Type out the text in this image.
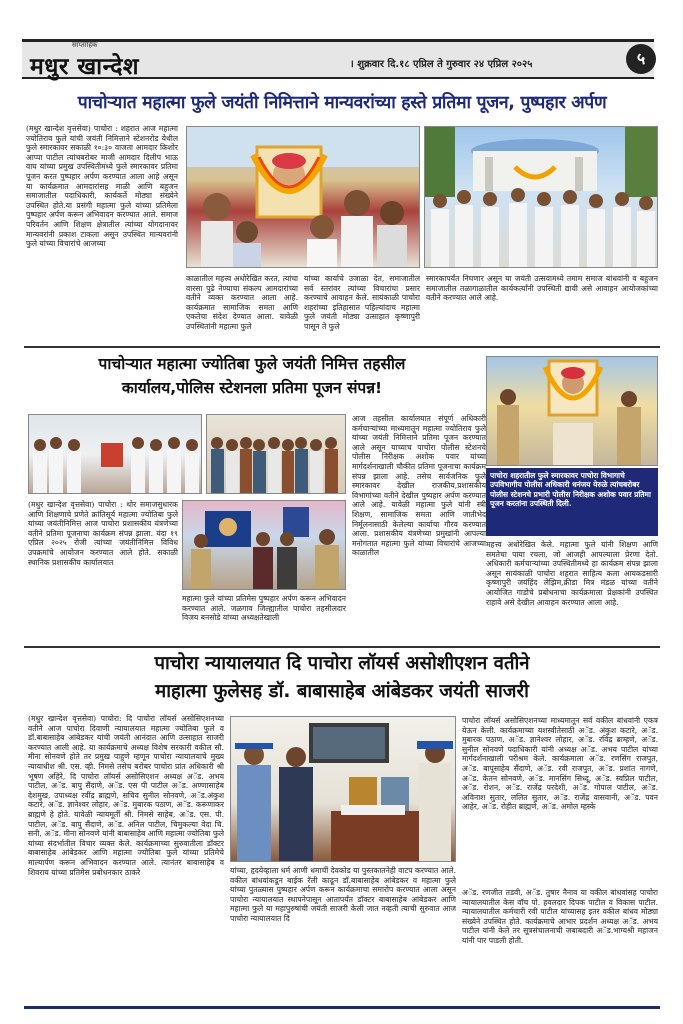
साप्ताहिक
मधुर खान्देश	। शुक्रवार दि.१८ एप्रिल ते गुरुवार २४ एप्रिल २०२५	५
पाचोऱ्यात महात्मा फुले जयंती निमित्ताने मान्यवरांच्या हस्ते प्रतिमा पूजन, पुष्पहार अर्पण
(मधुर खान्देश वृत्तसेवा) पाचोरा : शहरात आज महात्मा ज्योतिराव फुले यांची जयंती निमित्ताने स्टेशनरोड येथील फुले स्मारकावर सकाळी १०:३० वाजता आमदार किशोर आप्पा पाटील त्यांचबरोबर माजी आमदार दिलीप भाऊ वाघ यांच्या प्रमुख उपस्थितीमध्ये फुले स्मारकावर प्रतिमा पूजन करत पुष्पहार अर्पण करण्यात आला आहे असून या कार्यक्रमात आमदारांसह माळी आणि बहुजन समाजातील पदाधिकारी, कार्यकर्ते मोठ्या संख्येने उपस्थित होते.या प्रसंगी महात्मा फुले यांच्या प्रतिमेला पुष्पहार अर्पण करून अभिवादन करण्यात आले. समाज परिवर्तन आणि शिक्षण क्षेत्रातील त्यांच्या योगदानावर मान्यवरांनी प्रकाश टाकला असून उपस्थित मान्यवरांनी फुले यांच्या विचारांचे आजच्या
काळातील महत्त्व अधोरेखित करत, त्यांचा वारसा पुढे नेण्याचा संकल्प आमदारांच्या वतीने व्यक्त करण्यात आला आहे. कार्यक्रमात सामाजिक समता आणि एकतेचा संदेश देण्यात आला. यावेळी उपस्थितांनी महात्मा फुले
यांच्या कार्याचे उजाळा देत, समाजातील सर्व स्तरांवर त्यांच्या विचारांचा प्रसार करण्याचे आवाहन केले. सायंकाळी पाचोरा शहरांच्या इतिहासात पहिल्यांदाच महात्मा फुले जयंती मोठ्या उत्साहात कृष्णापुरी पासून ते फुले
स्मारकापर्यंत निघणार असून या जयंती उत्सवामध्ये तमाम समाज बांधवांनी व बहुजन समाजातील तळागाळातील कार्यकर्त्यांनी उपस्थिती द्यावी असे आवाहन आयोजकांच्या वतीने करण्यात आले आहे.
पाचोऱ्यात महात्मा ज्योतिबा फुले जयंती निमित्त तहसील
कार्यालय,पोलिस स्टेशनला प्रतिमा पूजन संपन्न!
(मधुर खान्देश वृत्तसेवा) पाचोरा : थोर समाजसुधारक आणि शिक्षणाचे प्रणेते क्रांतिसूर्य महात्मा ज्योतिबा फुले यांच्या जयंतीनिमित्त आज पाचोरा प्रशासकीय यंत्रणेच्या वतीने प्रतिमा पूजनाचा कार्यक्रम संपन्न झाला. यंदा १९ एप्रिल २०२५ रोजी त्यांच्या जयंतीनिमित्त विविध उपक्रमांचे आयोजन करण्यात आले होते. सकाळी स्थानिक प्रशासकीय कार्यालयात
महात्मा फुले यांच्या प्रतिमेस पुष्पहार अर्पण करून अभिवादन करण्यात आले. जळगाव जिल्ह्यातील पाचोरा तहसीलदार विजय बनसोडे यांच्या अध्यक्षतेखाली
आज तहसील कार्यालयात संपूर्ण अधिकारी कर्मचाऱ्यांच्या माध्यमातून महात्मा ज्योतिराव फुले यांच्या जयंती निमित्ताने प्रतिमा पूजन करण्यात आले असून याच्याच पाचोरा पोलीस स्टेशनचे पोलीस निरीक्षक अशोक पवार यांच्या मार्गदर्शनाखाली चौकीत प्रतिमा पूजनाचा कार्यक्रम संपन्न झाला आहे. तसेच सार्वजनिक फुले स्मारकावर देखील राजकीय,प्रशासकीय विभागांच्या वतीने देखील पुष्पहार अर्पण करण्यात आले आहे. यावेळी महात्मा फुले यांनी स्त्री शिक्षण, सामाजिक समता आणि जातीभेद निर्मूलनासाठी केलेल्या कार्याचा गौरव करण्यात आला. प्रशासकीय यंत्रणेच्या प्रमुखांनी आपल्या मनोगतात महात्मा फुले यांच्या विचारांचे आजच्या काळातील
पाचोरा शहरातील फुले स्मारकावर पाचोरा विभागाचे उपविभागीय पोलीस अधिकारी धनंजय येरुळे त्यांचबरोबर पोलीस स्टेशनचे प्रभारी पोलीस निरीक्षक अशोक पवार प्रतिमा पूजन करतांना उपस्थिती दिली.
महत्त्व अधोरेखित केले. महात्मा फुले यांनी शिक्षण आणि समतेचा पाया रचला, जो आजही आपल्याला प्रेरणा देतो. अधिकारी कर्मचाऱ्यांच्या उपस्थितीमध्ये हा कार्यक्रम संपन्न झाला असून सायंकाळी पाचोरा शहरात साहित्य कला आयकडसारी कृष्णापुरी जयंहिंद लेझिम,क्रीडा मित्र मंडळ यांच्या वतीने आयोजित गाडोचे प्रबोधनाचा कार्यक्रमाला प्रेक्षकांनी उपस्थित राहावे असे देखील आवाहन करण्यात आला आहे.
पाचोरा न्यायालयात दि पाचोरा लॉयर्स असोशीएशन वतीने
माहात्मा फुलेसह डॉ. बाबासाहेब आंबेडकर जयंती साजरी
(मधुर खान्देश वृत्तसेवा) पाचोरा: दि पाचोरा लॉयर्स असोसिएशनच्या वतीने आज पाचोरा दिवाणी न्यायालयात महात्मा ज्योतिबा फुले व डॉ.बाबासाहेब आंबेडकर यांची जयंती आनंदात आणि उत्साहात साजरी करण्यात आली आहे. या कार्यक्रमाचे अध्यक्ष विशेष सरकारी वकील सौ. मीना सोनवणे होते तर प्रमुख पाहुणे म्हणून पाचोरा न्यायालयाचे मुख्य न्यायाधीश श्री. एस. व्ही. निमसे तसेच बरोबर पाचोरा प्रांत अधिकारी श्री भूषण अहिरे, दि पाचोरा लॉयर्स असोसिएशन अध्यक्ष अॅड. अभय पाटील, अॅड. बापु सैंदाणे, अॅड. एस पी पाटील अॅड. अण्णासाहेब देशमुख, उपाध्यक्ष रवींद्र ब्राह्मणे, सचिव सुनील सोनवणे, अॅड.अंकुश कटारे, अॅड. ज्ञानेश्वर लोहार, अॅड. मुबारक पठाण, अॅड. करूणाकर ब्राह्मणे हे होते. यावेळी न्यायमूर्ती श्री. निमसे साहेब, अॅड. एस. पी. पाटील, अॅड. बापु सैंदाणे, अॅड. अनिल पाटील, चिमुकल्या वेदा चि. सनी, अॅड. मीना सोनवणे यांनी बाबासाहेब आणि महात्मा ज्योतिबा फुले यांच्या संदर्भातील विचार व्यक्त केले. कार्यक्रमाच्या सुरुवातीला डॉक्टर बाबासाहेब आंबेडकर आणि महात्मा ज्योतिबा फुले यांच्या प्रतिमेचे माल्यार्पण करून अभिवादन करण्यात आले. त्यानंतर बाबासाहेब व शिवराय यांच्या प्रतिमेस प्रबोधनकार ठाकरे	यांच्या, हृदयेव्हाला धर्म आणी धमाचीं देवकोड या पुस्तकातनेही वाटप करण्यात आले. वकील बांधवांकडून बाईक रॅली काढून डॉ.बाबासाहेब आंबेडकर व महात्मा फुले यांच्या पुतळ्यास पुष्पहार अर्पण करून कार्यक्रमाचा समारोप करण्यात आला असून पाचोरा न्यायालयात स्थापनेपासून आतापर्यंत डॉक्टर बाबासाहेब आंबेडकर आणि महात्मा फुले या महापुरुषांची जयंती साजरी केली जात नव्हती त्याची सुरुवात आज पाचोरा न्यायालयात दि
पाचोरा लॉयर्स असोसिएशनच्या माध्यमातून सर्व वकील बांधवांनी एकत्र येऊन केली. कार्यक्रमाच्या यशस्वीतेसाठी अॅड. अंकुश कटारे, अॅड. मुबारक पठाण, अॅड. ज्ञानेश्वर लोहार, अॅड. रविंद्र ब्राम्हणे, अॅड. सुनील सोनवणे पदाधिकारी यांनी अध्यक्ष अॅड. अभय पाटील यांच्या मार्गदर्शनाखाली परीश्रम केले. कार्यक्रमाला अॅड. रणसिंग राजपुत, अॅड. बापूसाहेब सैंदाणे, अॅड. रवी राजपुत, अॅड. प्रशांत नागणे, अॅड. केतन सोनवणे, अॅड. मानसिंग सिध्दू, अॅड. स्वप्निल पाटील, अॅड. रोशन, अॅड. राजेंद्र परदेशी, अॅड. गोपाल पाटील, अॅड. अविनाश सुतार, ललित सुतार, अॅड. राजेंद्र वासवानी, अॅड. पवन आहेर, अॅड. रोहीत ब्राह्मणे, अॅड. अमोल म्हस्के
अॅड. रणजीत तडवी, अॅड. तुषार नैनाव या वकील बांधवांसह पाचोरा न्यायालयातील केस वॉच पो. हवलदार दिपक पाटील व विकास पाटील. न्यायालयातील कर्मचारी रवी पाटील यांच्यासह इतर वकील बांधव मोठ्या संख्येने उपस्थित होते. कार्यक्रमाचे आभार प्रदर्शन अध्यक्ष अॅड. अभय पाटील यांनी केले तर सूत्रसंचालनाची जबाबदारी अॅड.भाग्यश्री महाजन यांनी पार पाडली होती.
